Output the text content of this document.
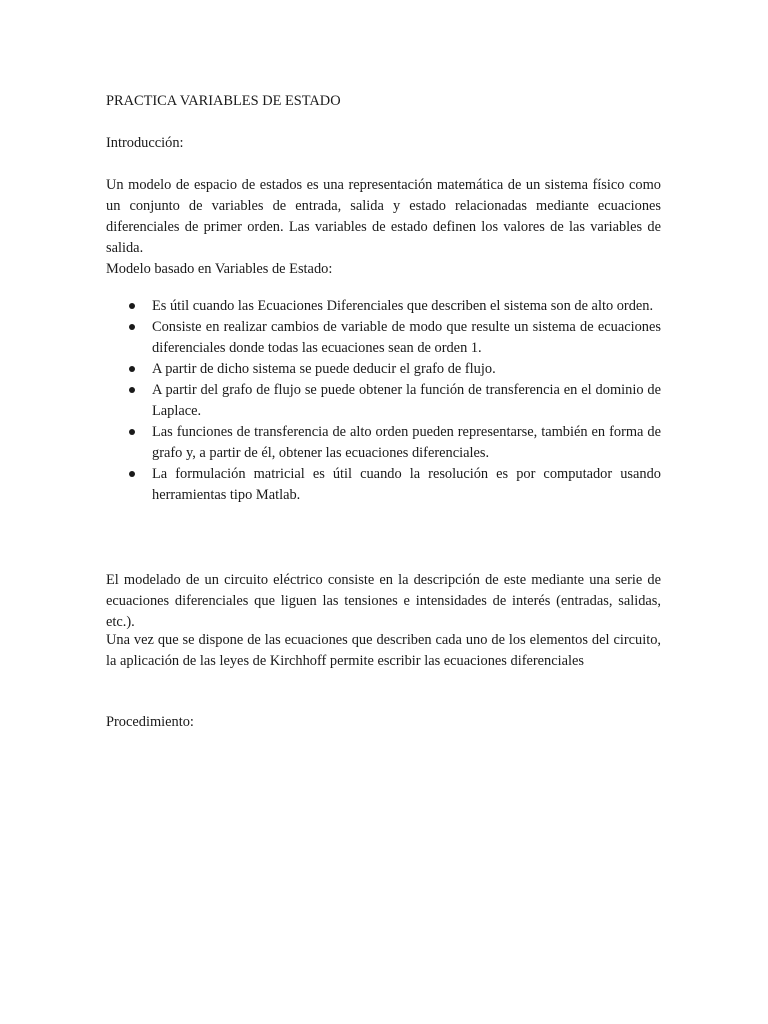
PRACTICA VARIABLES DE ESTADO
Introducción:
Un modelo de espacio de estados es una representación matemática de un sistema físico como un conjunto de variables de entrada, salida y estado relacionadas mediante ecuaciones diferenciales de primer orden. Las variables de estado definen los valores de las variables de salida.
Modelo basado en Variables de Estado:
Es útil cuando las Ecuaciones Diferenciales que describen el sistema son de alto orden.
Consiste en realizar cambios de variable de modo que resulte un sistema de ecuaciones diferenciales donde todas las ecuaciones sean de orden 1.
A partir de dicho sistema se puede deducir el grafo de flujo.
A partir del grafo de flujo se puede obtener la función de transferencia en el dominio de Laplace.
Las funciones de transferencia de alto orden pueden representarse, también en forma de grafo y, a partir de él, obtener las ecuaciones diferenciales.
La formulación matricial es útil cuando la resolución es por computador usando herramientas tipo Matlab.
El modelado de un circuito eléctrico consiste en la descripción de este mediante una serie de ecuaciones diferenciales que liguen las tensiones e intensidades de interés (entradas, salidas, etc.).
Una vez que se dispone de las ecuaciones que describen cada uno de los elementos del circuito, la aplicación de las leyes de Kirchhoff permite escribir las ecuaciones diferenciales
Procedimiento:
